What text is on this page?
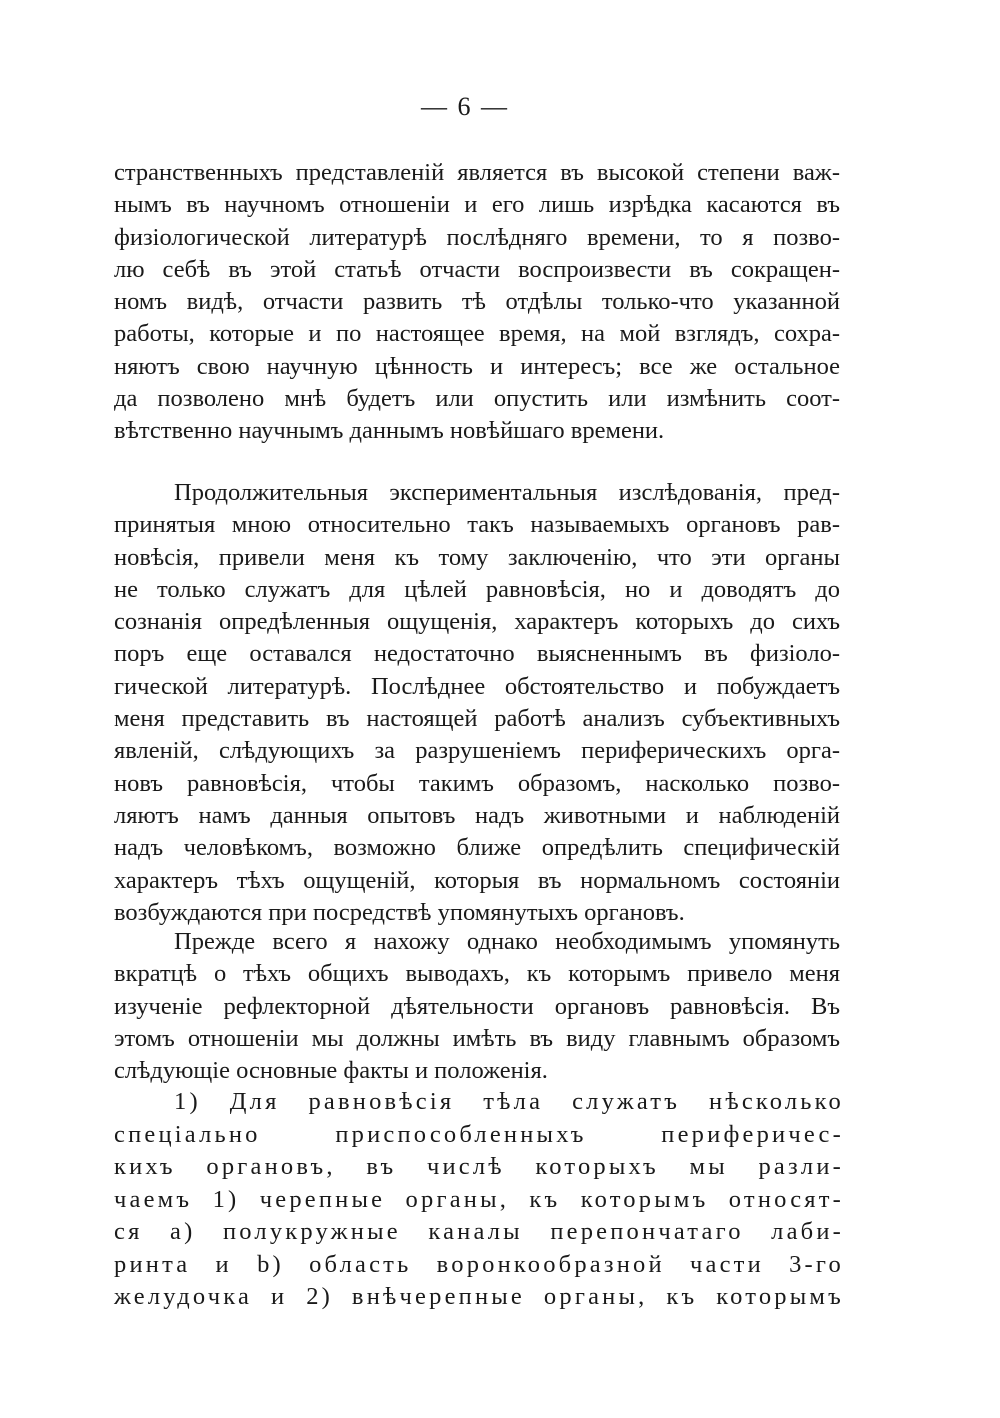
— 6 —
странственныхъ представленій является въ высокой степени важ-
нымъ въ научномъ отношеніи и его лишь изрѣдка касаются въ
физіологической литературѣ послѣдняго времени, то я позво-
лю себѣ въ этой статьѣ отчасти воспроизвести въ сокращен-
номъ видѣ, отчасти развить тѣ отдѣлы только-что указанной
работы, которые и по настоящее время, на мой взглядъ, сохра-
няютъ свою научную цѣнность и интересъ; все же остальное
да позволено мнѣ будетъ или опустить или измѣнить соот-
вѣтственно научнымъ даннымъ новѣйшаго времени.
Продолжительныя экспериментальныя изслѣдованія, пред-
принятыя мною относительно такъ называемыхъ органовъ рав-
новѣсія, привели меня къ тому заключенію, что эти органы
не только служатъ для цѣлей равновѣсія, но и доводятъ до
сознанія опредѣленныя ощущенія, характеръ которыхъ до сихъ
поръ еще оставался недостаточно выясненнымъ въ физіоло-
гической литературѣ. Послѣднее обстоятельство и побуждаетъ
меня представить въ настоящей работѣ анализъ субъективныхъ
явленій, слѣдующихъ за разрушеніемъ периферическихъ орга-
новъ равновѣсія, чтобы такимъ образомъ, насколько позво-
ляютъ намъ данныя опытовъ надъ животными и наблюденій
надъ человѣкомъ, возможно ближе опредѣлить специфическій
характеръ тѣхъ ощущеній, которыя въ нормальномъ состояніи
возбуждаются при посредствѣ упомянутыхъ органовъ.
Прежде всего я нахожу однако необходимымъ упомянуть
вкратцѣ о тѣхъ общихъ выводахъ, къ которымъ привело меня
изученіе рефлекторной дѣятельности органовъ равновѣсія. Въ
этомъ отношеніи мы должны имѣть въ виду главнымъ образомъ
слѣдующіе основные факты и положенія.
1) Для равновѣсія тѣла служатъ нѣсколько
спеціально приспособленныхъ периферичес-
кихъ органовъ, въ числѣ которыхъ мы разли-
чаемъ 1) черепные органы, къ которымъ относят-
ся a) полукружные каналы перепончатаго лаби-
ринта и b) область воронкообразной части 3-го
желудочка и 2) внѣчерепные органы, къ которымъ
